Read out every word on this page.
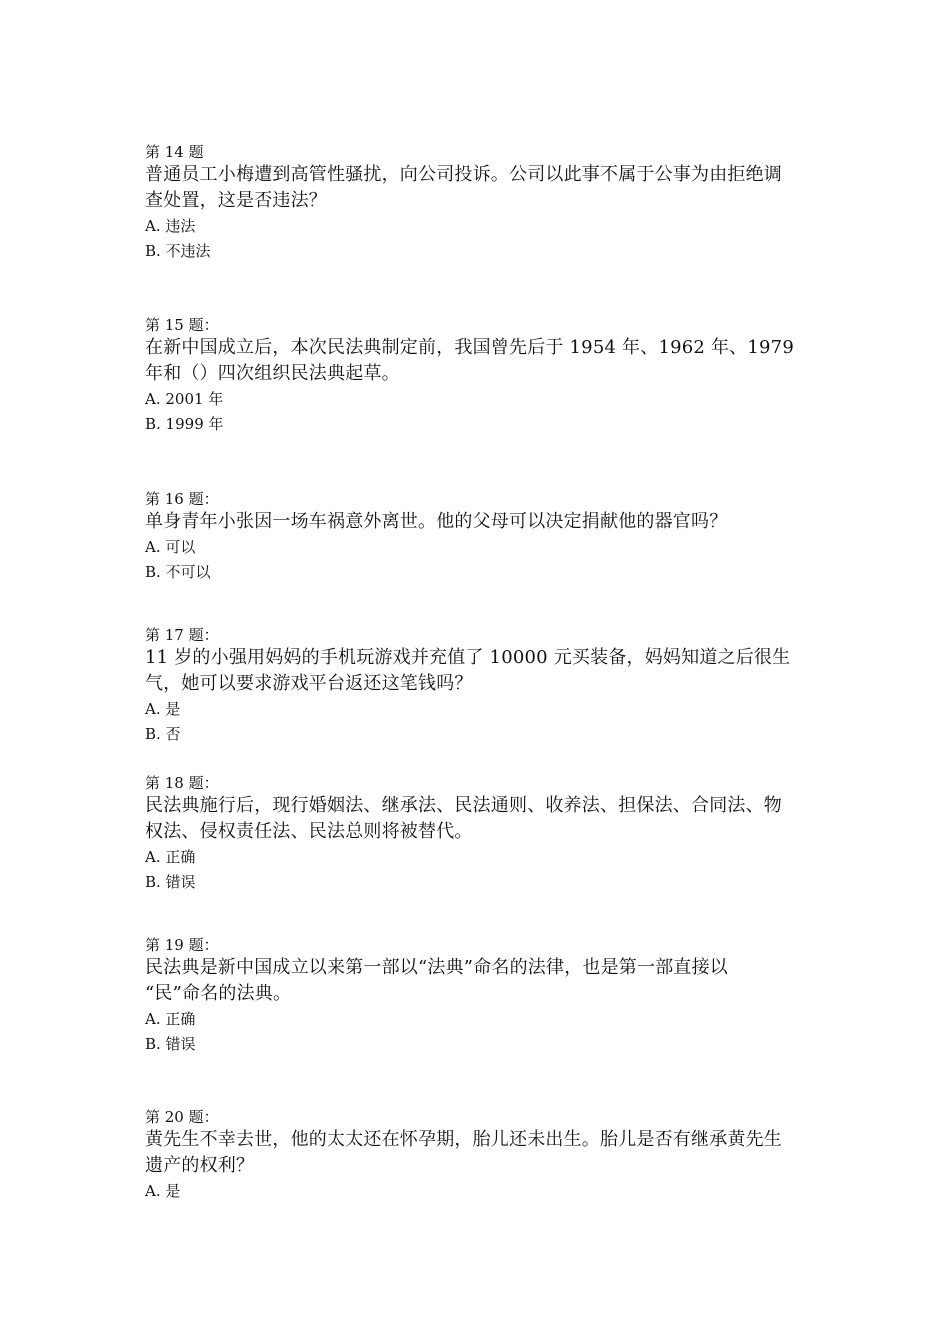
第 14 题
普通员工小梅遭到高管性骚扰，向公司投诉。公司以此事不属于公事为由拒绝调
查处置，这是否违法？
A. 违法
B. 不违法
第 15 题：
在新中国成立后，本次民法典制定前，我国曾先后于 1954 年、1962 年、1979
年和（）四次组织民法典起草。
A. 2001 年
B. 1999 年
第 16 题：
单身青年小张因一场车祸意外离世。他的父母可以决定捐献他的器官吗？
A. 可以
B. 不可以
第 17 题：
11 岁的小强用妈妈的手机玩游戏并充值了 10000 元买装备，妈妈知道之后很生
气，她可以要求游戏平台返还这笔钱吗？
A. 是
B. 否
第 18 题：
民法典施行后，现行婚姻法、继承法、民法通则、收养法、担保法、合同法、物
权法、侵权责任法、民法总则将被替代。
A. 正确
B. 错误
第 19 题：
民法典是新中国成立以来第一部以“法典”命名的法律，也是第一部直接以
“民”命名的法典。
A. 正确
B. 错误
第 20 题：
黄先生不幸去世，他的太太还在怀孕期，胎儿还未出生。胎儿是否有继承黄先生
遗产的权利？
A. 是
